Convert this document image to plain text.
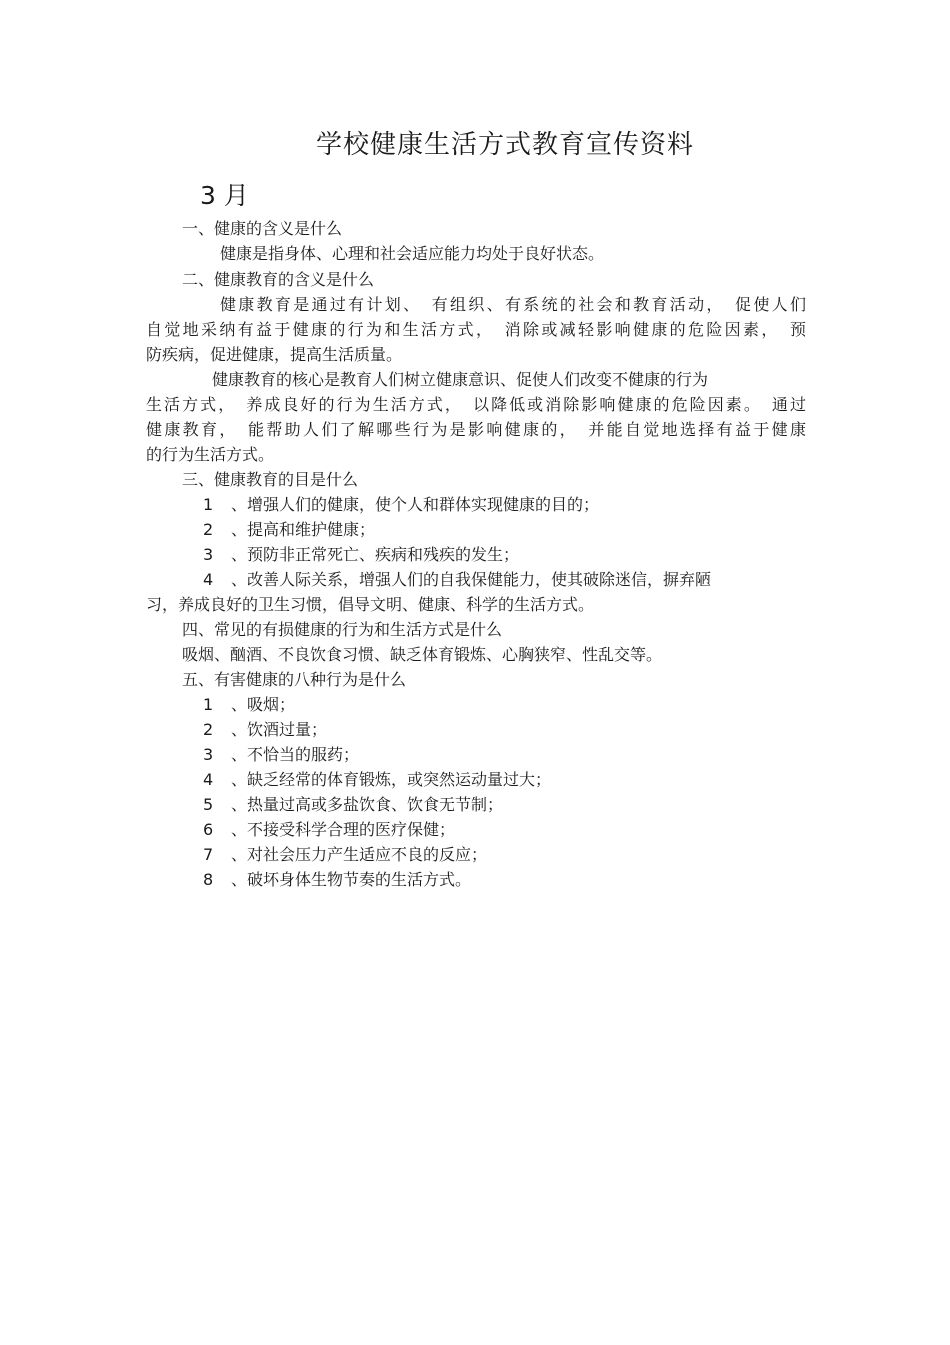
学校健康生活方式教育宣传资料
3 月
一、健康的含义是什么
健康是指身体、心理和社会适应能力均处于良好状态。
二、健康教育的含义是什么
健康教育是通过有计划、　有组织、有系统的社会和教育活动，　促使人们
自觉地采纳有益于健康的行为和生活方式，　消除或减轻影响健康的危险因素，　预
防疾病，促进健康，提高生活质量。
健康教育的核心是教育人们树立健康意识、促使人们改变不健康的行为
生活方式，　养成良好的行为生活方式，　以降低或消除影响健康的危险因素。　通过
健康教育，　能帮助人们了解哪些行为是影响健康的，　并能自觉地选择有益于健康
的行为生活方式。
三、健康教育的目是什么
1 、增强人们的健康，使个人和群体实现健康的目的；
2 、提高和维护健康；
3 、预防非正常死亡、疾病和残疾的发生；
4 、改善人际关系，增强人们的自我保健能力，使其破除迷信，摒弃陋
习，养成良好的卫生习惯，倡导文明、健康、科学的生活方式。
四、常见的有损健康的行为和生活方式是什么
吸烟、酗酒、不良饮食习惯、缺乏体育锻炼、心胸狭窄、性乱交等。
五、有害健康的八种行为是什么
1 、吸烟；
2 、饮酒过量；
3 、不恰当的服药；
4 、缺乏经常的体育锻炼，或突然运动量过大；
5 、热量过高或多盐饮食、饮食无节制；
6 、不接受科学合理的医疗保健；
7 、对社会压力产生适应不良的反应；
8 、破坏身体生物节奏的生活方式。
